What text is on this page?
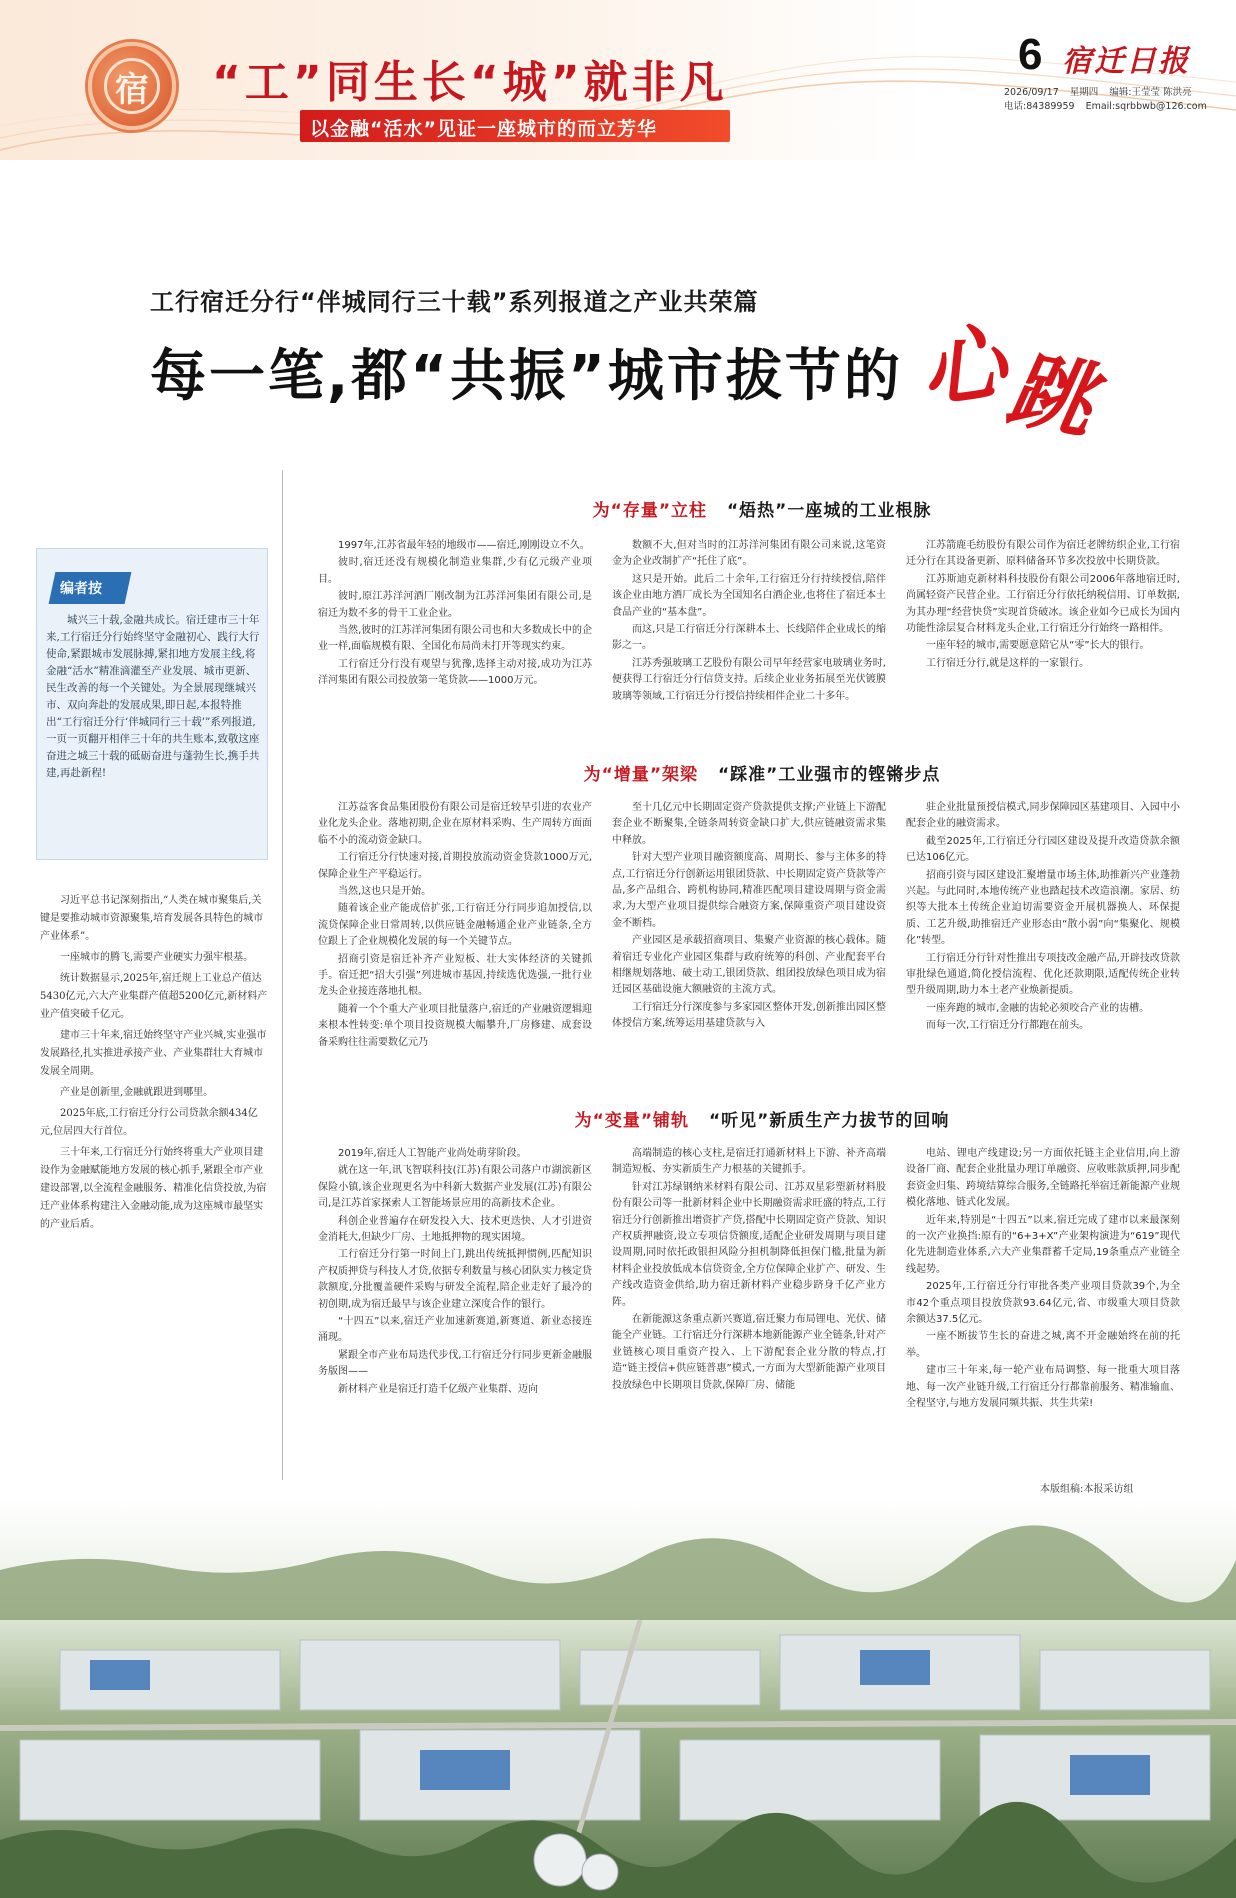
宿	“工”同生长“城”就非凡
以金融“活水”见证一座城市的而立芳华
6 宿迁日报
2026/09/17 星期四 编辑:王莹莹 陈洪亮
电话:84389959 Email:sqrbbwb@126.com
工行宿迁分行“伴城同行三十载”系列报道之产业共荣篇
每一笔,都“共振”城市拔节的 心
跳
编者按
城兴三十载,金融共成长。宿迁建市三十年来,工行宿迁分行始终坚守金融初心、践行大行使命,紧跟城市发展脉搏,紧扣地方发展主线,将金融“活水”精准滴灌至产业发展、城市更新、民生改善的每一个关键处。为全景展现继城兴市、双向奔赴的发展成果,即日起,本报特推出“工行宿迁分行‘伴城同行三十载’”系列报道,一页一页翻开相伴三十年的共生账本,致敬这座奋进之城三十载的砥砺奋进与蓬勃生长,携手共建,再赴新程!

习近平总书记深刻指出,“人类在城市聚集后,关键是要推动城市资源聚集,培育发展各具特色的城市产业体系”。

一座城市的腾飞,需要产业硬实力强牢根基。

统计数据显示,2025年,宿迁规上工业总产值达5430亿元,六大产业集群产值超5200亿元,新材料产业产值突破千亿元。

建市三十年来,宿迁始终坚守产业兴城,实业强市发展路径,扎实推进承接产业、产业集群壮大育城市发展全周期。

产业是创新里,金融就跟进到哪里。

2025年底,工行宿迁分行公司贷款余额434亿元,位居四大行首位。

三十年来,工行宿迁分行始终将重大产业项目建设作为金融赋能地方发展的核心抓手,紧跟全市产业建设部署,以全流程金融服务、精准化信贷投放,为宿迁产业体系构建注入金融动能,成为这座城市最坚实的产业后盾。

为“存量”立柱 “焐热”一座城的工业根脉

1997年,江苏省最年轻的地级市——宿迁,刚刚设立不久。

彼时,宿迁还没有规模化制造业集群,少有亿元级产业项目。

彼时,原江苏洋河酒厂刚改制为江苏洋河集团有限公司,是宿迁为数不多的骨干工业企业。

当然,彼时的江苏洋河集团有限公司也和大多数成长中的企业一样,面临规模有限、全国化布局尚未打开等现实约束。

工行宿迁分行没有观望与犹豫,选择主动对接,成功为江苏洋河集团有限公司投放第一笔贷款——1000万元。

数额不大,但对当时的江苏洋河集团有限公司来说,这笔资金为企业改制扩产“托住了底”。

这只是开始。此后二十余年,工行宿迁分行持续授信,陪伴该企业由地方酒厂成长为全国知名白酒企业,也将住了宿迁本土食品产业的“基本盘”。

而这,只是工行宿迁分行深耕本土、长线陪伴企业成长的缩影之一。

江苏秀强玻璃工艺股份有限公司早年经营家电玻璃业务时,便获得工行宿迁分行信贷支持。后续企业业务拓展至光伏镀膜玻璃等领域,工行宿迁分行授信持续相伴企业二十多年。

江苏箭鹿毛纺股份有限公司作为宿迁老牌纺织企业,工行宿迁分行在其设备更新、原料储备环节多次投放中长期贷款。

江苏斯迪克新材料科技股份有限公司2006年落地宿迁时,尚属轻资产民营企业。工行宿迁分行依托纳税信用、订单数据,为其办理“经营快贷”实现首贷破冰。该企业如今已成长为国内功能性涂层复合材料龙头企业,工行宿迁分行始终一路相伴。

一座年轻的城市,需要愿意陪它从“零”长大的银行。

工行宿迁分行,就是这样的一家银行。

为“增量”架梁 “踩准”工业强市的铿锵步点

江苏益客食品集团股份有限公司是宿迁较早引进的农业产业化龙头企业。落地初期,企业在原材料采购、生产周转方面面临不小的流动资金缺口。

工行宿迁分行快速对接,首期投放流动资金贷款1000万元,保障企业生产平稳运行。

当然,这也只是开始。

随着该企业产能成倍扩张,工行宿迁分行同步追加授信,以流贷保障企业日常周转,以供应链金融畅通企业产业链条,全方位跟上了企业规模化发展的每一个关键节点。

招商引资是宿迁补齐产业短板、壮大实体经济的关键抓手。宿迁把“招大引强”列进城市基因,持续选优选强,一批行业龙头企业接连落地扎根。

随着一个个重大产业项目批量落户,宿迁的产业融资逻辑迎来根本性转变:单个项目投资规模大幅攀升,厂房修建、成套设备采购往往需要数亿元乃

至十几亿元中长期固定资产贷款提供支撑;产业链上下游配套企业不断聚集,全链条周转资金缺口扩大,供应链融资需求集中释放。

针对大型产业项目融资额度高、周期长、参与主体多的特点,工行宿迁分行创新运用银团贷款、中长期固定资产贷款等产品,多产品组合、跨机构协同,精准匹配项目建设周期与资金需求,为大型产业项目提供综合融资方案,保障重资产项目建设资金不断档。

产业园区是承载招商项目、集聚产业资源的核心载体。随着宿迁专业化产业园区集群与政府统筹的科创、产业配套平台相继规划落地、破土动工,银团贷款、组团投放绿色项目成为宿迁园区基础设施大额融资的主流方式。

工行宿迁分行深度参与多家园区整体开发,创新推出园区整体授信方案,统筹运用基建贷款与入

驻企业批量预授信模式,同步保障园区基建项目、入园中小配套企业的融资需求。

截至2025年,工行宿迁分行园区建设及提升改造贷款余额已达106亿元。

招商引资与园区建设汇聚增量市场主体,助推新兴产业蓬勃兴起。与此同时,本地传统产业也踏起技术改造浪潮。家居、纺织等大批本土传统企业迫切需要资金开展机器换人、环保提质、工艺升级,助推宿迁产业形态由“散小弱”向“集聚化、规模化”转型。

工行宿迁分行针对性推出专项技改金融产品,开辟技改贷款审批绿色通道,简化授信流程、优化还款期限,适配传统企业转型升级周期,助力本土老产业焕新提质。

一座奔跑的城市,金融的齿轮必须咬合产业的齿槽。

而每一次,工行宿迁分行都跑在前头。

为“变量”铺轨 “听见”新质生产力拔节的回响

2019年,宿迁人工智能产业尚处萌芽阶段。

就在这一年,讯飞智联科技(江苏)有限公司落户市湖滨新区保险小镇,该企业现更名为中科新大数据产业发展(江苏)有限公司,是江苏首家探索人工智能场景应用的高新技术企业。

科创企业普遍存在研发投入大、技术更迭快、人才引进资金消耗大,但缺少厂房、土地抵押物的现实困境。

工行宿迁分行第一时间上门,跳出传统抵押惯例,匹配知识产权质押贷与科技人才贷,依据专利数量与核心团队实力核定贷款额度,分批覆盖硬件采购与研发全流程,陪企业走好了最冷的初创期,成为宿迁最早与该企业建立深度合作的银行。

“十四五”以来,宿迁产业加速新赛道,新赛道、新业态接连涌现。

紧跟全市产业布局迭代步伐,工行宿迁分行同步更新金融服务版图——

新材料产业是宿迁打造千亿级产业集群、迈向

高端制造的核心支柱,是宿迁打通新材料上下游、补齐高端制造短板、夯实新质生产力根基的关键抓手。

针对江苏绿钢纳米材料有限公司、江苏双星彩塑新材料股份有限公司等一批新材料企业中长期融资需求旺盛的特点,工行宿迁分行创新推出增资扩产贷,搭配中长期固定资产贷款、知识产权质押融资,设立专项信贷额度,适配企业研发周期与项目建设周期,同时依托政银担风险分担机制降低担保门槛,批量为新材料企业投放低成本信贷资金,全方位保障企业扩产、研发、生产线改造资金供给,助力宿迁新材料产业稳步跻身千亿产业方阵。

在新能源这条重点新兴赛道,宿迁聚力布局锂电、光伏、储能全产业链。工行宿迁分行深耕本地新能源产业全链条,针对产业链核心项目重资产投入、上下游配套企业分散的特点,打造“链主授信+供应链普惠”模式,一方面为大型新能源产业项目投放绿色中长期项目贷款,保障厂房、储能

电站、锂电产线建设;另一方面依托链主企业信用,向上游设备厂商、配套企业批量办理订单融资、应收账款质押,同步配套资金归集、跨境结算综合服务,全链路托举宿迁新能源产业规模化落地、链式化发展。

近年来,特别是“十四五”以来,宿迁完成了建市以来最深刻的一次产业换挡:原有的“6+3+X”产业架构演进为“619”现代化先进制造业体系,六大产业集群蓄千定局,19条重点产业链全线起势。

2025年,工行宿迁分行审批各类产业项目贷款39个,为全市42个重点项目投放贷款93.64亿元,省、市级重大项目贷款余额达37.5亿元。

一座不断拔节生长的奋进之城,离不开金融始终在前的托举。

建市三十年来,每一轮产业布局调整、每一批重大项目落地、每一次产业链升级,工行宿迁分行都靠前服务、精准输血、全程坚守,与地方发展同频共振、共生共荣!

本版组稿:本报采访组
